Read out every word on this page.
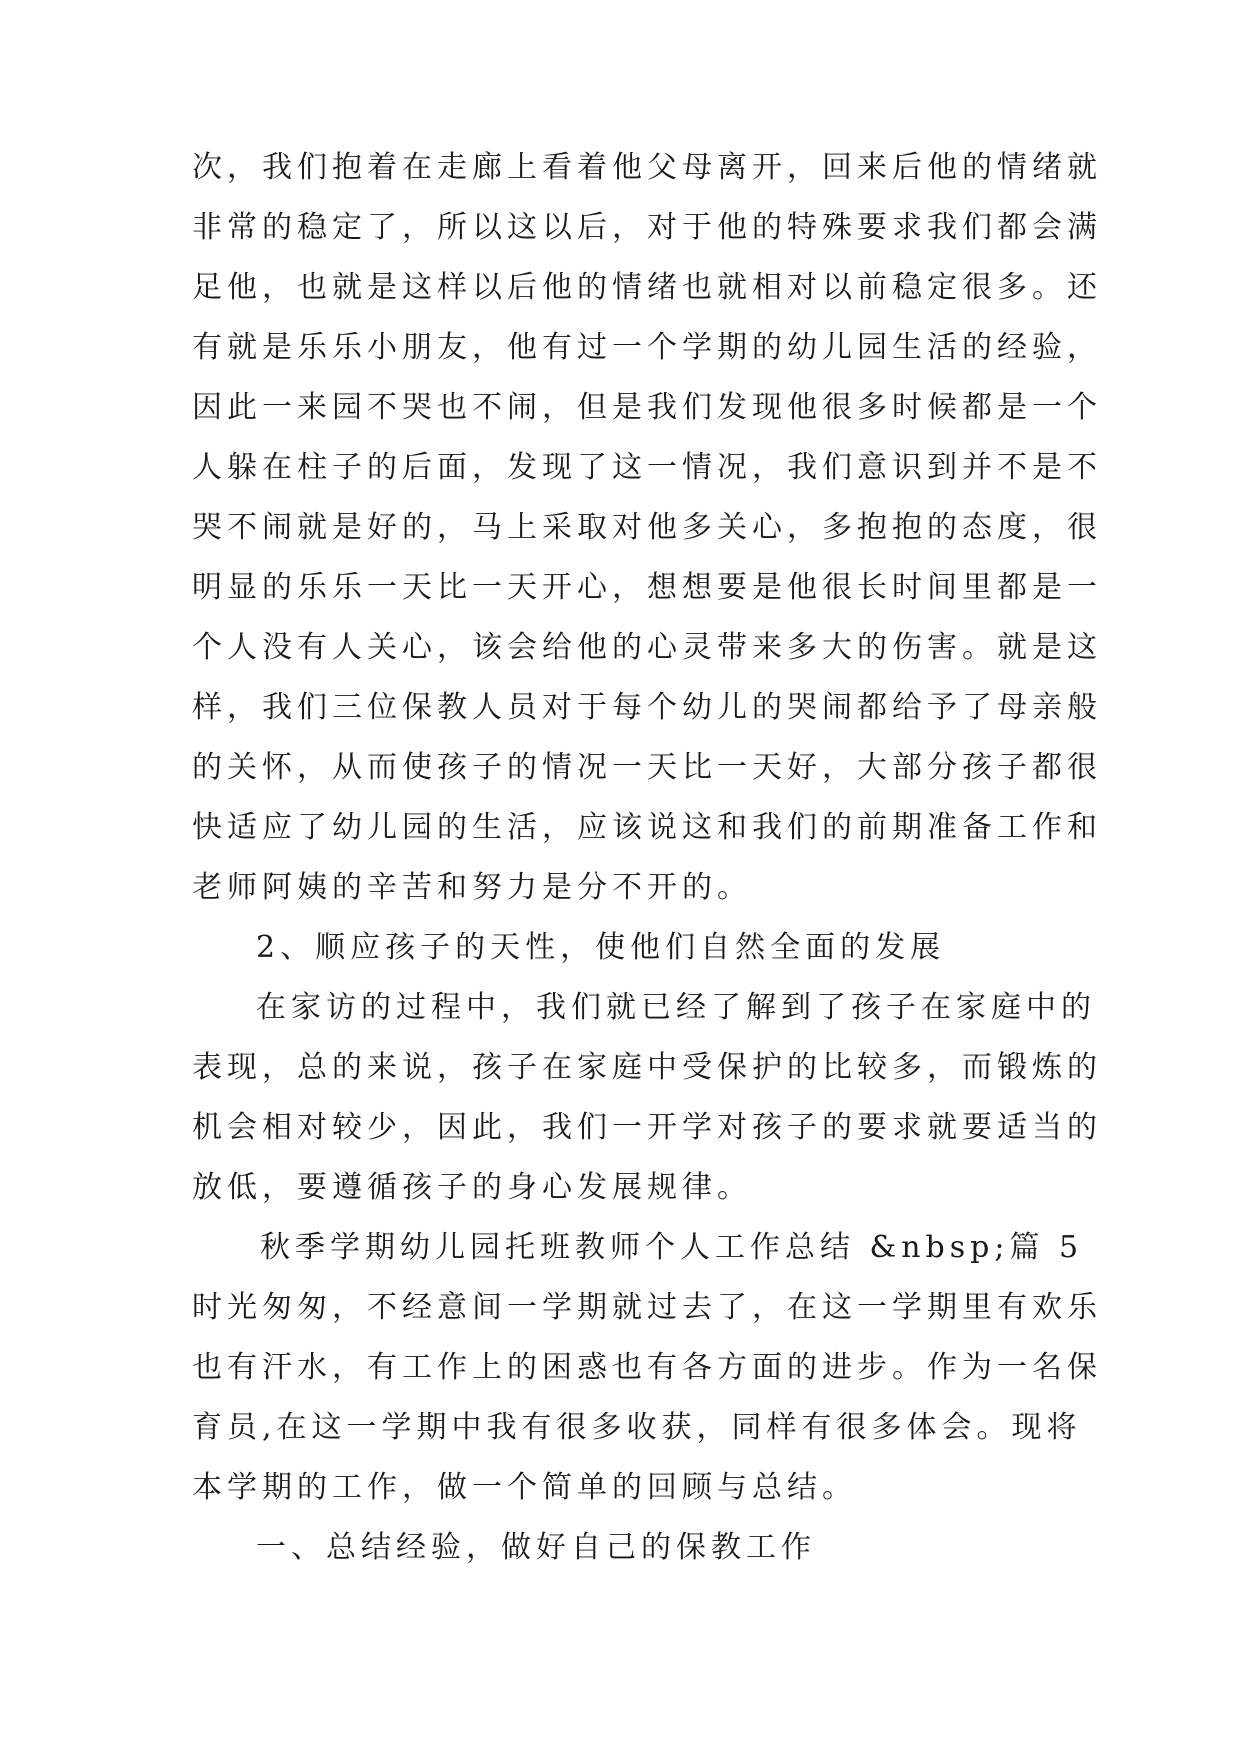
次，我们抱着在走廊上看着他父母离开，回来后他的情绪就
非常的稳定了，所以这以后，对于他的特殊要求我们都会满
足他，也就是这样以后他的情绪也就相对以前稳定很多。还
有就是乐乐小朋友，他有过一个学期的幼儿园生活的经验，
因此一来园不哭也不闹，但是我们发现他很多时候都是一个
人躲在柱子的后面，发现了这一情况，我们意识到并不是不
哭不闹就是好的，马上采取对他多关心，多抱抱的态度，很
明显的乐乐一天比一天开心，想想要是他很长时间里都是一
个人没有人关心，该会给他的心灵带来多大的伤害。就是这
样，我们三位保教人员对于每个幼儿的哭闹都给予了母亲般
的关怀，从而使孩子的情况一天比一天好，大部分孩子都很
快适应了幼儿园的生活，应该说这和我们的前期准备工作和
老师阿姨的辛苦和努力是分不开的。
2、顺应孩子的天性，使他们自然全面的发展
在家访的过程中，我们就已经了解到了孩子在家庭中的
表现，总的来说，孩子在家庭中受保护的比较多，而锻炼的
机会相对较少，因此，我们一开学对孩子的要求就要适当的
放低，要遵循孩子的身心发展规律。
秋季学期幼儿园托班教师个人工作总结 &nbsp;篇 5
时光匆匆，不经意间一学期就过去了，在这一学期里有欢乐
也有汗水，有工作上的困惑也有各方面的进步。作为一名保
育员,在这一学期中我有很多收获，同样有很多体会。现将
本学期的工作，做一个简单的回顾与总结。
一、总结经验，做好自己的保教工作
